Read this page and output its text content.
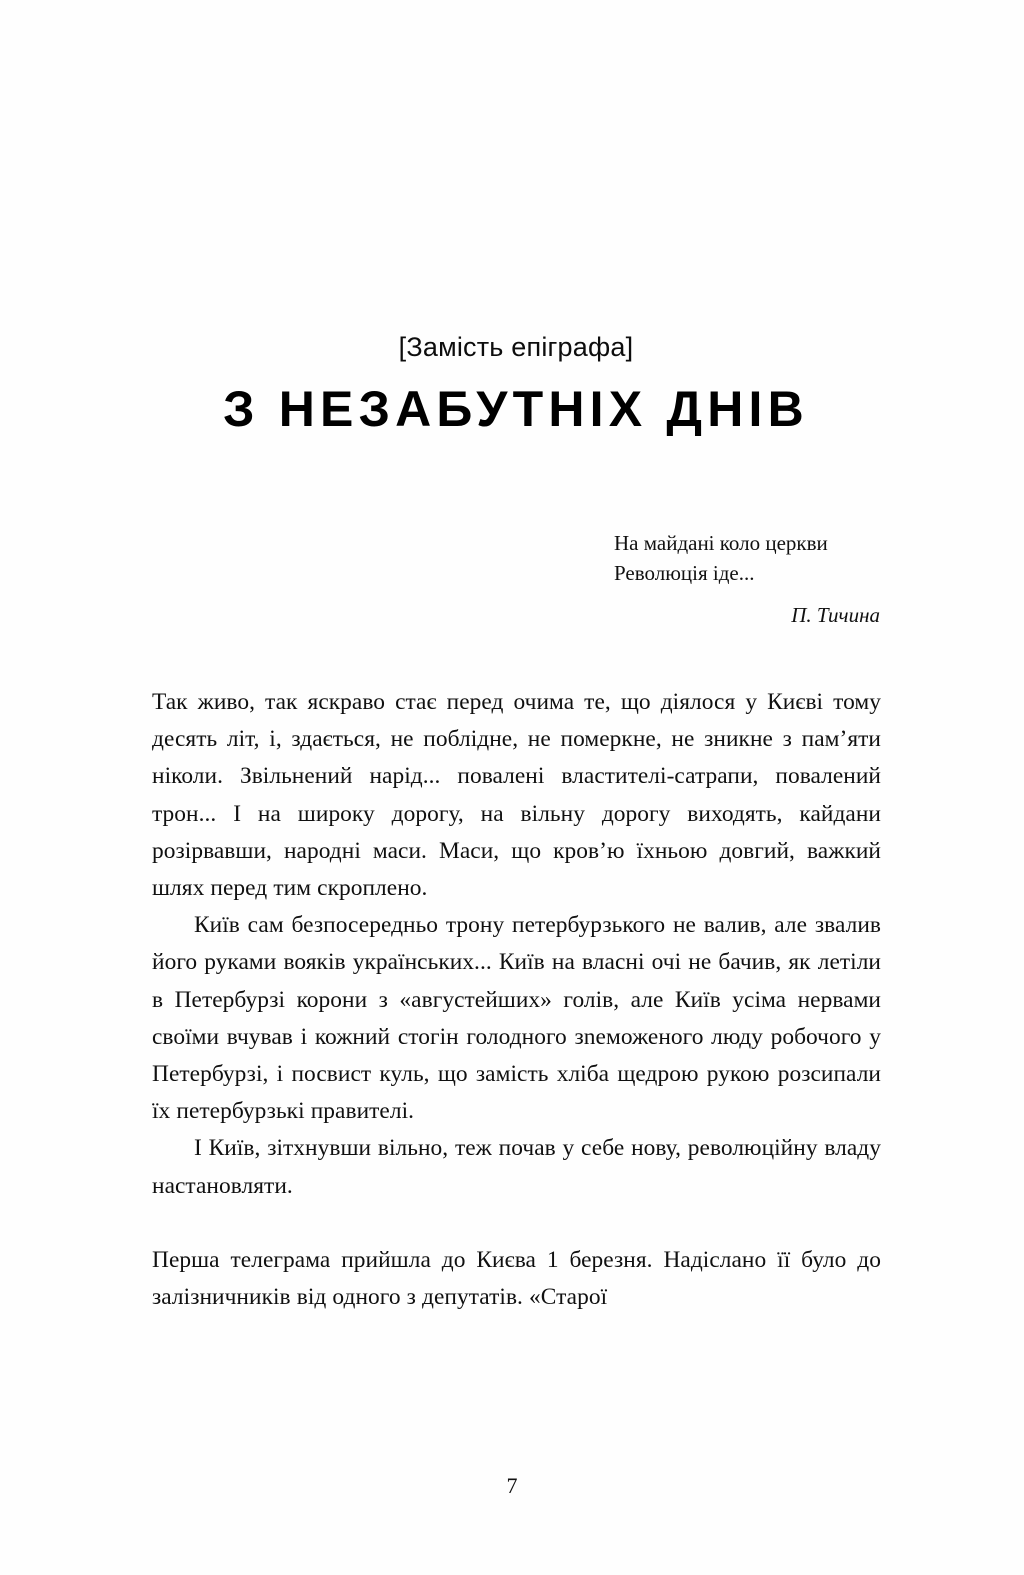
[Замість епіграфа]

З НЕЗАБУТНІХ ДНІВ
На майдані коло церкви
Революція іде...
П. Тичина

Так живо, так яскраво стає перед очима те, що діялося у Києві тому десять літ, і, здається, не поблідне, не померкне, не зникне з пам’яти ніколи. Звільнений нарід... повалені властителі-сатрапи, повалений трон... І на широку дорогу, на вільну дорогу виходять, кайдани розірвавши, народні маси. Маси, що кров’ю їхньою довгий, важкий шлях перед тим скроплено.

Київ сам безпосередньо трону петербурзького не валив, але звалив його руками вояків українських... Київ на власні очі не бачив, як летіли в Петербурзі корони з «августейших» голів, але Київ усіма нервами своїми вчував і кожний стогін голодного зneможеного люду робочого у Петербурзі, і посвист куль, що замість хліба щедрою рукою розсипали їх петербурзькі правителі.

І Київ, зітхнувши вільно, теж почав у себе нову, революційну владу настановляти.

Перша телеграма прийшла до Києва 1 березня. Надіслано її було до залізничників від одного з депутатів. «Старої

7
